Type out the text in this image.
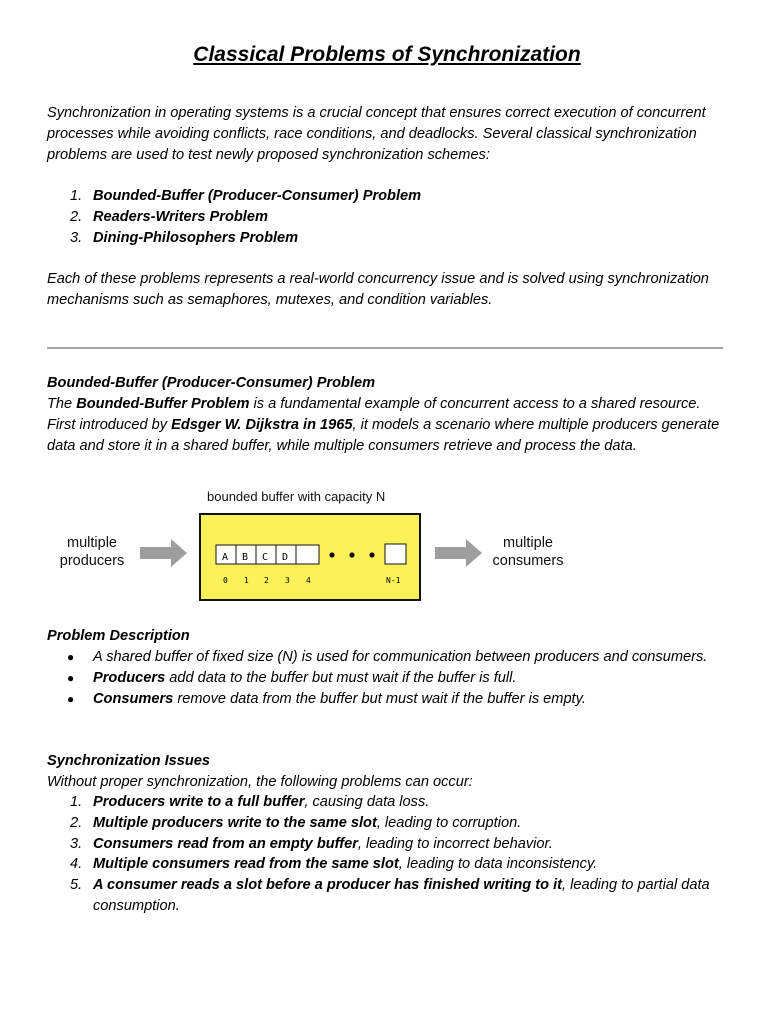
Classical Problems of Synchronization

Synchronization in operating systems is a crucial concept that ensures correct execution of concurrent processes while avoiding conflicts, race conditions, and deadlocks. Several classical synchronization problems are used to test newly proposed synchronization schemes:

1. Bounded-Buffer (Producer-Consumer) Problem
2. Readers-Writers Problem
3. Dining-Philosophers Problem

Each of these problems represents a real-world concurrency issue and is solved using synchronization mechanisms such as semaphores, mutexes, and condition variables.

Bounded-Buffer (Producer-Consumer) Problem

The Bounded-Buffer Problem is a fundamental example of concurrent access to a shared resource. First introduced by Edsger W. Dijkstra in 1965, it models a scenario where multiple producers generate data and store it in a shared buffer, while multiple consumers retrieve and process the data.

bounded buffer with capacity N
multiple
producers
multiple
consumers
A B C D
0 1 2 3 4	N-1
Problem Description
● A shared buffer of fixed size (N) is used for communication between producers and consumers.
● Producers add data to the buffer but must wait if the buffer is full.
● Consumers remove data from the buffer but must wait if the buffer is empty.
Synchronization Issues
Without proper synchronization, the following problems can occur:
1. Producers write to a full buffer, causing data loss.
2. Multiple producers write to the same slot, leading to corruption.
3. Consumers read from an empty buffer, leading to incorrect behavior.
4. Multiple consumers read from the same slot, leading to data inconsistency.
5. A consumer reads a slot before a producer has finished writing to it, leading to partial data consumption.
